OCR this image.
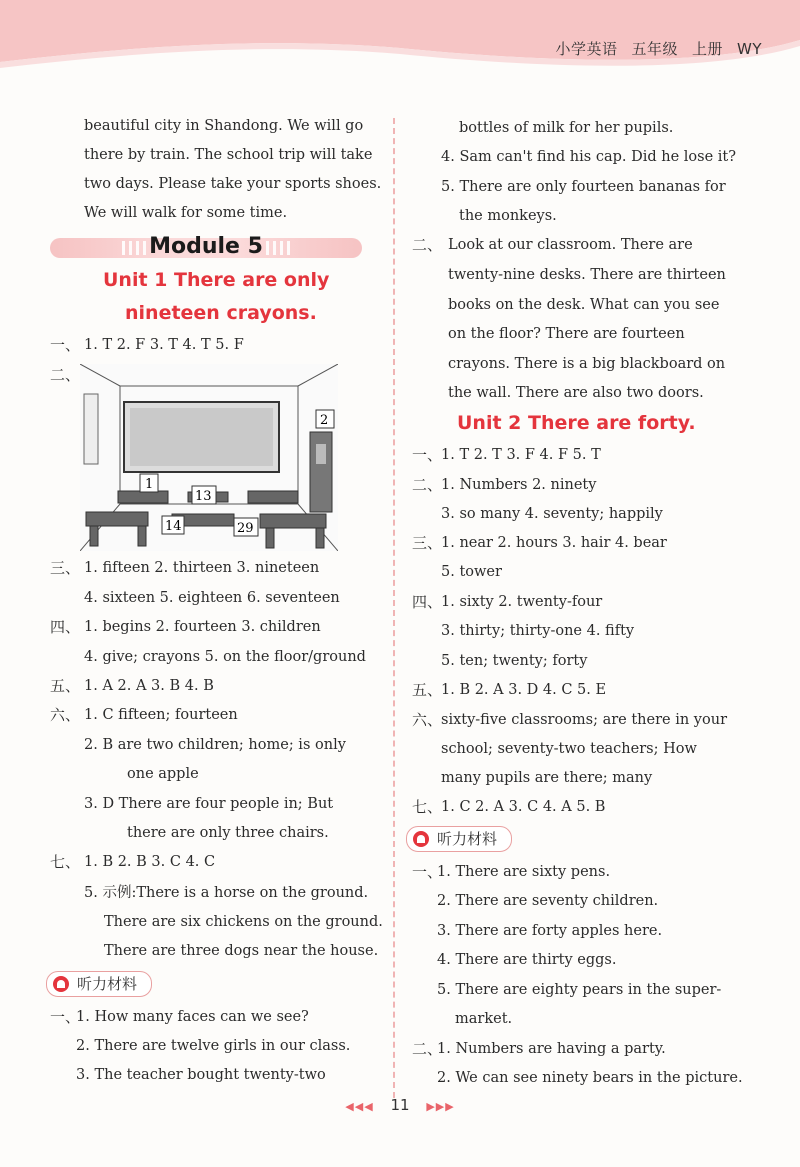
小学英语 五年级 上册 WY
beautiful city in Shandong. We will go
there by train. The school trip will take
two days. Please take your sports shoes.
We will walk for some time.
Module 5
Unit 1 There are only
nineteen crayons.
一、 1. T 2. F 3. T 4. T 5. F
二、
1
2
13
14	29
三、 1. fifteen 2. thirteen 3. nineteen
4. sixteen 5. eighteen 6. seventeen
四、 1. begins 2. fourteen 3. children
4. give; crayons 5. on the floor/ground
五、 1. A 2. A 3. B 4. B
六、 1. C fifteen; fourteen
2. B are two children; home; is only
one apple
3. D There are four people in; But
there are only three chairs.
七、 1. B 2. B 3. C 4. C
5. 示例:There is a horse on the ground.
There are six chickens on the ground.
There are three dogs near the house.
听力材料
一、
1. How many faces can we see?
2. There are twelve girls in our class.
3. The teacher bought twenty-two
bottles of milk for her pupils.
4. Sam can't find his cap. Did he lose it?
5. There are only fourteen bananas for
the monkeys.
二、 Look at our classroom. There are
twenty-nine desks. There are thirteen
books on the desk. What can you see
on the floor? There are fourteen
crayons. There is a big blackboard on
the wall. There are also two doors.
Unit 2 There are forty.
一、
1. T 2. T 3. F 4. F 5. T
二、
1. Numbers 2. ninety
3. so many 4. seventy; happily
三、
1. near 2. hours 3. hair 4. bear
5. tower
四、
1. sixty 2. twenty-four
3. thirty; thirty-one 4. fifty
5. ten; twenty; forty
五、
1. B 2. A 3. D 4. C 5. E
六、
sixty-five classrooms; are there in your
school; seventy-two teachers; How
many pupils are there; many
七、
1. C 2. A 3. C 4. A 5. B
听力材料
一、
1. There are sixty pens.
2. There are seventy children.
3. There are forty apples here.
4. There are thirty eggs.
5. There are eighty pears in the super-
market.
二、
1. Numbers are having a party.
2. We can see ninety bears in the picture.
◀◀◀ 11 ▶▶▶
